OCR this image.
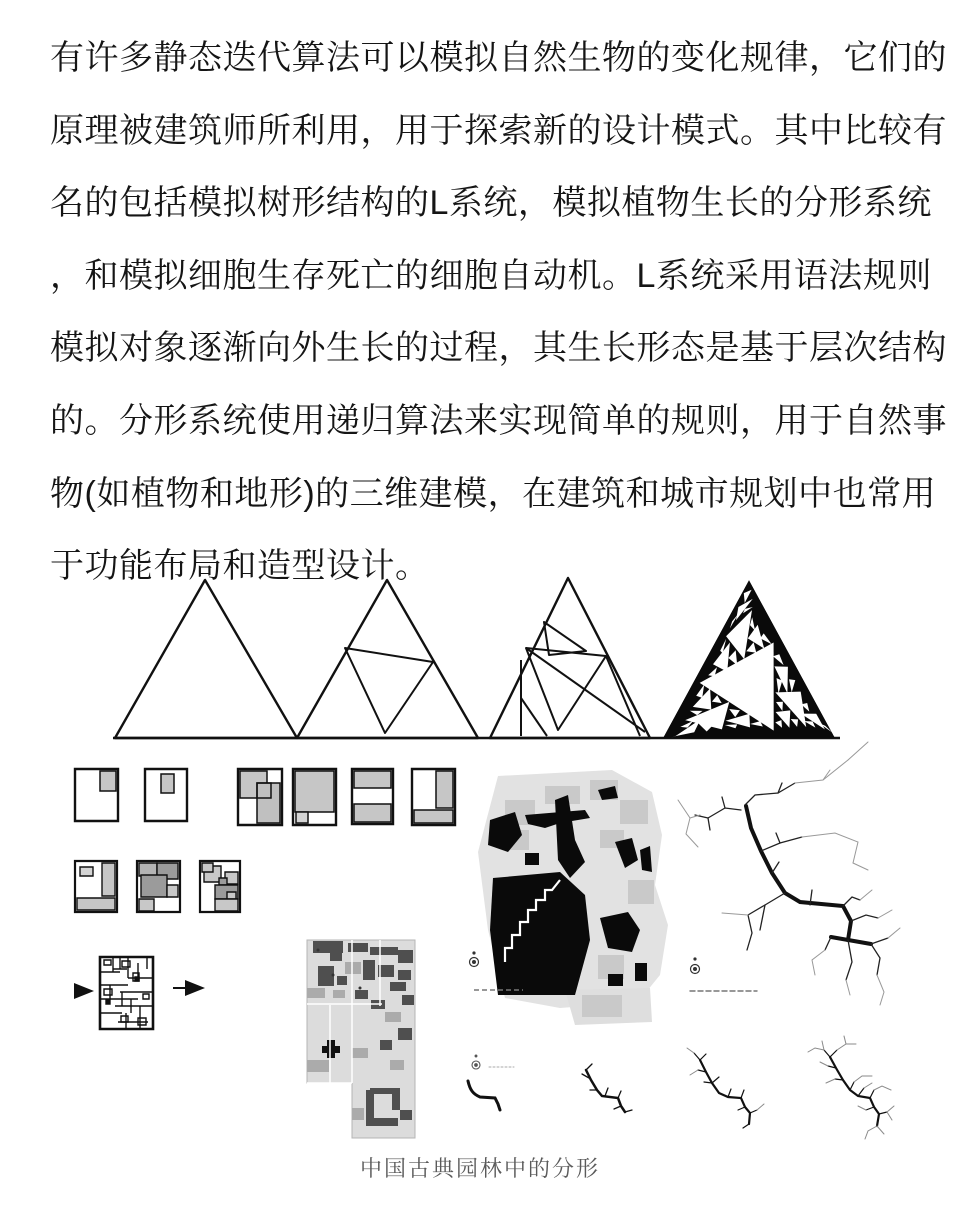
有许多静态迭代算法可以模拟自然生物的变化规律，它们的
原理被建筑师所利用，用于探索新的设计模式。其中比较有
名的包括模拟树形结构的L系统，模拟植物生长的分形系统
，和模拟细胞生存死亡的细胞自动机。L系统采用语法规则
模拟对象逐渐向外生长的过程，其生长形态是基于层次结构
的。分形系统使用递归算法来实现简单的规则，用于自然事
物(如植物和地形)的三维建模，在建筑和城市规划中也常用
于功能布局和造型设计。
中国古典园林中的分形
